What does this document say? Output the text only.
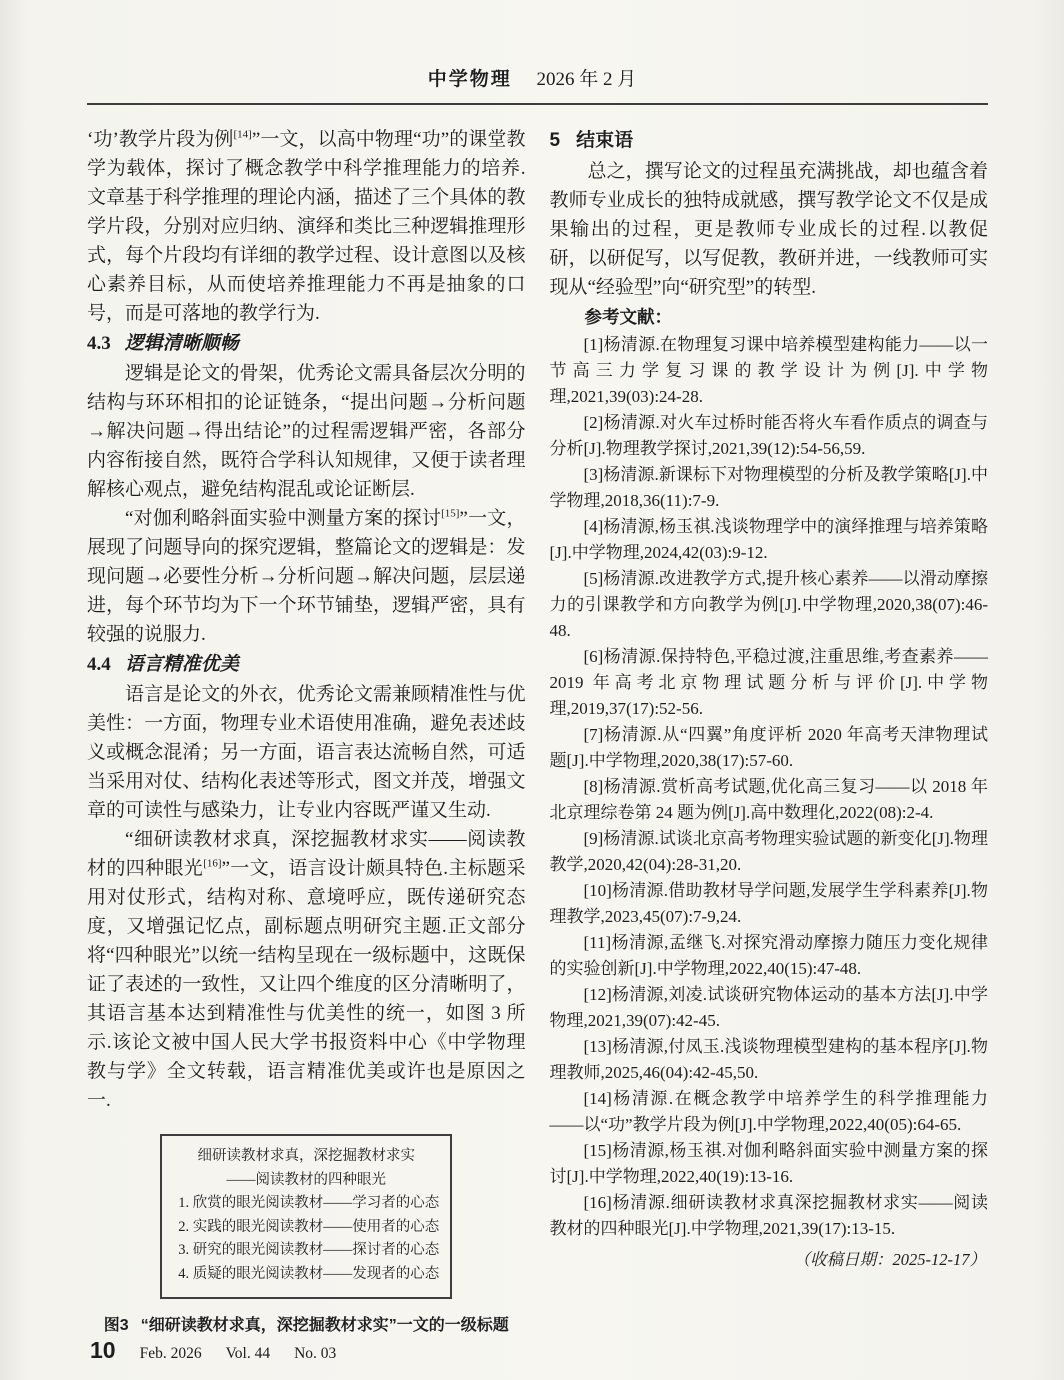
中学物理 2026 年 2 月

‘功’教学片段为例[14]”一文，以高中物理“功”的课堂教学为载体，探讨了概念教学中科学推理能力的培养.文章基于科学推理的理论内涵，描述了三个具体的教学片段，分别对应归纳、演绎和类比三种逻辑推理形式，每个片段均有详细的教学过程、设计意图以及核心素养目标，从而使培养推理能力不再是抽象的口号，而是可落地的教学行为.

4.3 逻辑清晰顺畅

逻辑是论文的骨架，优秀论文需具备层次分明的结构与环环相扣的论证链条，“提出问题→分析问题→解决问题→得出结论”的过程需逻辑严密，各部分内容衔接自然，既符合学科认知规律，又便于读者理解核心观点，避免结构混乱或论证断层.

“对伽利略斜面实验中测量方案的探讨[15]”一文，展现了问题导向的探究逻辑，整篇论文的逻辑是：发现问题→必要性分析→分析问题→解决问题，层层递进，每个环节均为下一个环节铺垫，逻辑严密，具有较强的说服力.

4.4 语言精准优美

语言是论文的外衣，优秀论文需兼顾精准性与优美性：一方面，物理专业术语使用准确，避免表述歧义或概念混淆；另一方面，语言表达流畅自然，可适当采用对仗、结构化表述等形式，图文并茂，增强文章的可读性与感染力，让专业内容既严谨又生动.

“细研读教材求真，深挖掘教材求实——阅读教材的四种眼光[16]”一文，语言设计颇具特色.主标题采用对仗形式，结构对称、意境呼应，既传递研究态度，又增强记忆点，副标题点明研究主题.正文部分将“四种眼光”以统一结构呈现在一级标题中，这既保证了表述的一致性，又让四个维度的区分清晰明了，其语言基本达到精准性与优美性的统一，如图 3 所示.该论文被中国人民大学书报资料中心《中学物理教与学》全文转载，语言精准优美或许也是原因之一.

细研读教材求真，深挖掘教材求实
——阅读教材的四种眼光

1. 欣赏的眼光阅读教材——学习者的心态

2. 实践的眼光阅读教材——使用者的心态

3. 研究的眼光阅读教材——探讨者的心态

4. 质疑的眼光阅读教材——发现者的心态

图3 “细研读教材求真，深挖掘教材求实”一文的一级标题
5 结束语

总之，撰写论文的过程虽充满挑战，却也蕴含着教师专业成长的独特成就感，撰写教学论文不仅是成果输出的过程，更是教师专业成长的过程.以教促研，以研促写，以写促教，教研并进，一线教师可实现从“经验型”向“研究型”的转型.

参考文献：

[1]杨清源.在物理复习课中培养模型建构能力——以一节高三力学复习课的教学设计为例[J].中学物理,2021,39(03):24-28.

[2]杨清源.对火车过桥时能否将火车看作质点的调查与分析[J].物理教学探讨,2021,39(12):54-56,59.

[3]杨清源.新课标下对物理模型的分析及教学策略[J].中学物理,2018,36(11):7-9.

[4]杨清源,杨玉祺.浅谈物理学中的演绎推理与培养策略[J].中学物理,2024,42(03):9-12.

[5]杨清源.改进教学方式,提升核心素养——以滑动摩擦力的引课教学和方向教学为例[J].中学物理,2020,38(07):46-48.

[6]杨清源.保持特色,平稳过渡,注重思维,考查素养——2019 年高考北京物理试题分析与评价[J].中学物理,2019,37(17):52-56.

[7]杨清源.从“四翼”角度评析 2020 年高考天津物理试题[J].中学物理,2020,38(17):57-60.

[8]杨清源.赏析高考试题,优化高三复习——以 2018 年北京理综卷第 24 题为例[J].高中数理化,2022(08):2-4.

[9]杨清源.试谈北京高考物理实验试题的新变化[J].物理教学,2020,42(04):28-31,20.

[10]杨清源.借助教材导学问题,发展学生学科素养[J].物理教学,2023,45(07):7-9,24.

[11]杨清源,孟继飞.对探究滑动摩擦力随压力变化规律的实验创新[J].中学物理,2022,40(15):47-48.

[12]杨清源,刘凌.试谈研究物体运动的基本方法[J].中学物理,2021,39(07):42-45.

[13]杨清源,付凤玉.浅谈物理模型建构的基本程序[J].物理教师,2025,46(04):42-45,50.

[14]杨清源.在概念教学中培养学生的科学推理能力——以“功”教学片段为例[J].中学物理,2022,40(05):64-65.

[15]杨清源,杨玉祺.对伽利略斜面实验中测量方案的探讨[J].中学物理,2022,40(19):13-16.

[16]杨清源.细研读教材求真深挖掘教材求实——阅读教材的四种眼光[J].中学物理,2021,39(17):13-15.

（收稿日期：2025-12-17）
10 Feb. 2026 Vol. 44 No. 03
